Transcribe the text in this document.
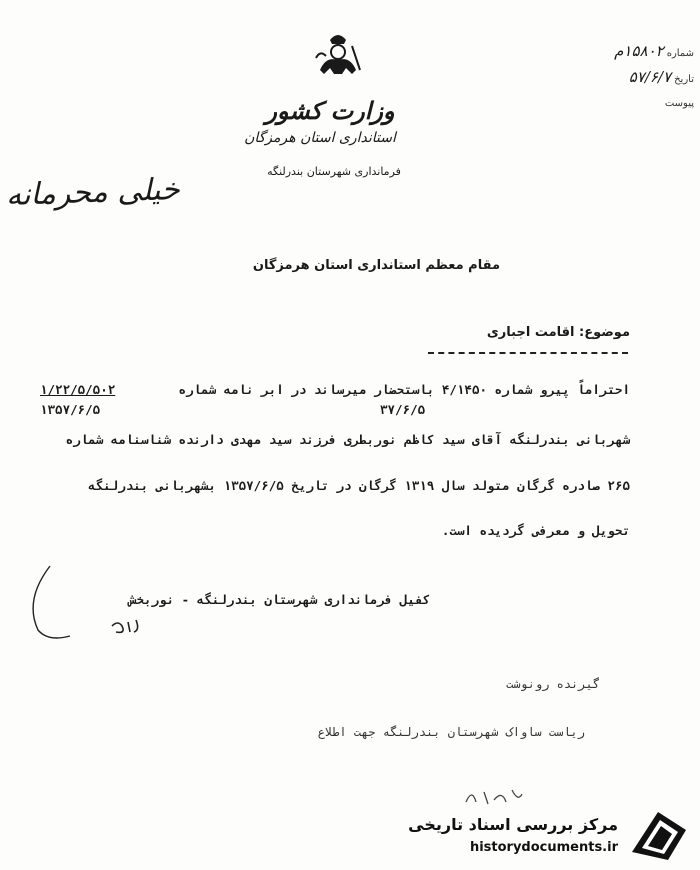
وزارت کشور
استانداری استان هرمزگان
فرمانداری شهرستان بندرلنگه
شماره۱۵۸۰۲م
تاریخ۵۷/۶/۷
پیوست
خیلی محرمانه
مقام معظم استانداری استان هرمزگان
موضوع: اقامت اجباری
احتراماً پیرو شماره ۴/۱۴۵۰ باستحضار میرساند در ابر نامه شماره
۱/۲۲/۵/۵۰۲
۱۳۵۷/۶/۵	۳۷/۶/۵
شهربانی بندرلنگه آقای سید کاظم نوربطری فرزند سید مهدی دارنده شناسنامه شماره
۲۶۵ صادره گرگان متولد سال ۱۳۱۹ گرگان در تاریخ ۱۳۵۷/۶/۵ بشهربانی بندرلنگه
تحویل و معرفی گردیده است.
کفیل فرمانداری شهرستان بندرلنگه - نوربخش
گیرنده رونوشت
ریاست ساواک شهرستان بندرلنگه جهت اطلاع
مرکز بررسی اسناد تاریخی
historydocuments.ir
